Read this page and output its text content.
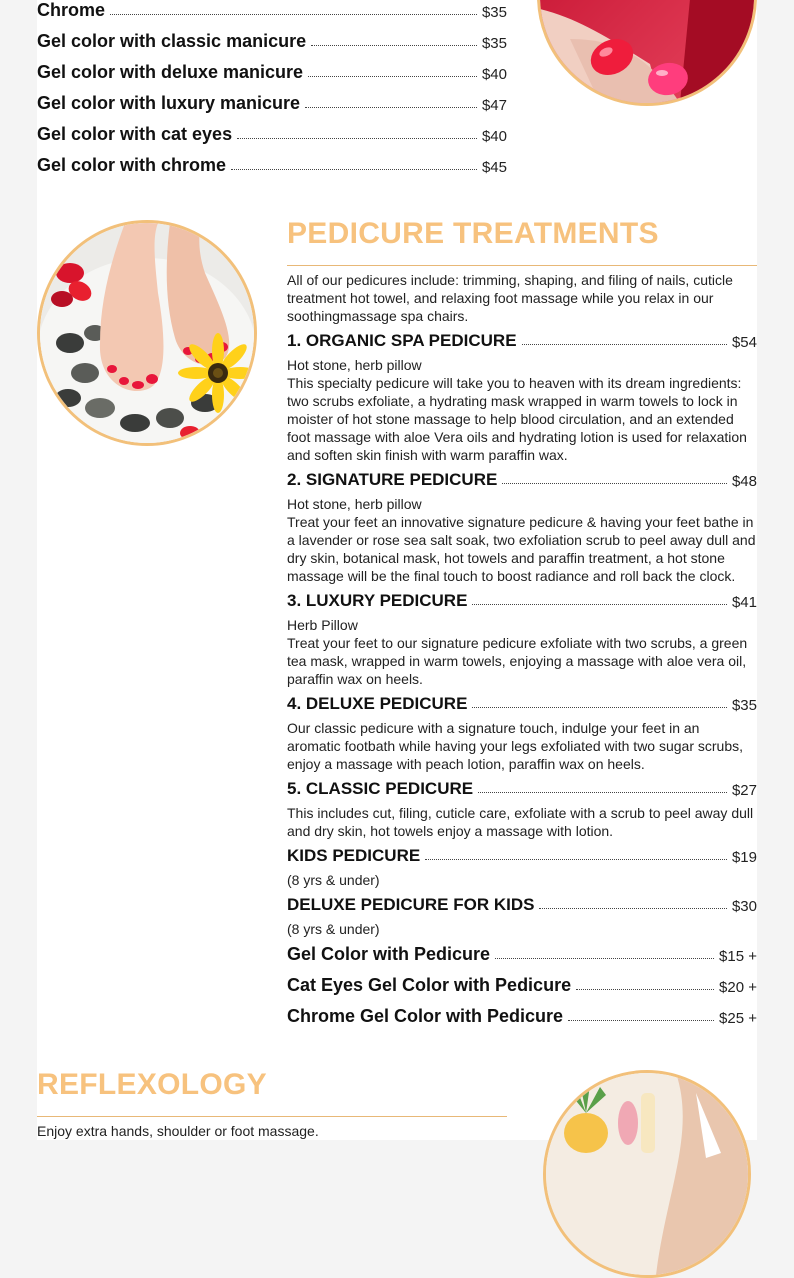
Chrome	$35
Gel color with classic manicure	$35
Gel color with deluxe manicure	$40
Gel color with luxury manicure	$47
Gel color with cat eyes	$40
Gel color with chrome	$45
PEDICURE TREATMENTS
All of our pedicures include: trimming, shaping, and filing of nails, cuticle treatment hot towel, and relaxing foot massage while you relax in our soothingmassage spa chairs.
1. ORGANIC SPA PEDICURE	$54
Hot stone, herb pillow
This specialty pedicure will take you to heaven with its dream ingredients: two scrubs exfoliate, a hydrating mask wrapped in warm towels to lock in moister of hot stone massage to help blood circulation, and an extended foot massage with aloe Vera oils and hydrating lotion is used for relaxation and soften skin finish with warm paraffin wax.
2. SIGNATURE PEDICURE	$48
Hot stone, herb pillow
Treat your feet an innovative signature pedicure & having your feet bathe in a lavender or rose sea salt soak, two exfoliation scrub to peel away dull and dry skin, botanical mask, hot towels and paraffin treatment, a hot stone massage will be the final touch to boost radiance and roll back the clock.
3. LUXURY PEDICURE	$41
Herb Pillow
Treat your feet to our signature pedicure exfoliate with two scrubs, a green tea mask, wrapped in warm towels, enjoying a massage with aloe vera oil, paraffin wax on heels.
4. DELUXE PEDICURE	$35
Our classic pedicure with a signature touch, indulge your feet in an aromatic footbath while having your legs exfoliated with two sugar scrubs, enjoy a massage with peach lotion, paraffin wax on heels.
5. CLASSIC PEDICURE	$27
This includes cut, filing, cuticle care, exfoliate with a scrub to peel away dull and dry skin, hot towels enjoy a massage with lotion.
KIDS PEDICURE	$19
(8 yrs & under)
DELUXE PEDICURE FOR KIDS	$30
(8 yrs & under)
Gel Color with Pedicure	$15 +
Cat Eyes Gel Color with Pedicure	$20 +
Chrome Gel Color with Pedicure	$25 +
REFLEXOLOGY
Enjoy extra hands, shoulder or foot massage.
